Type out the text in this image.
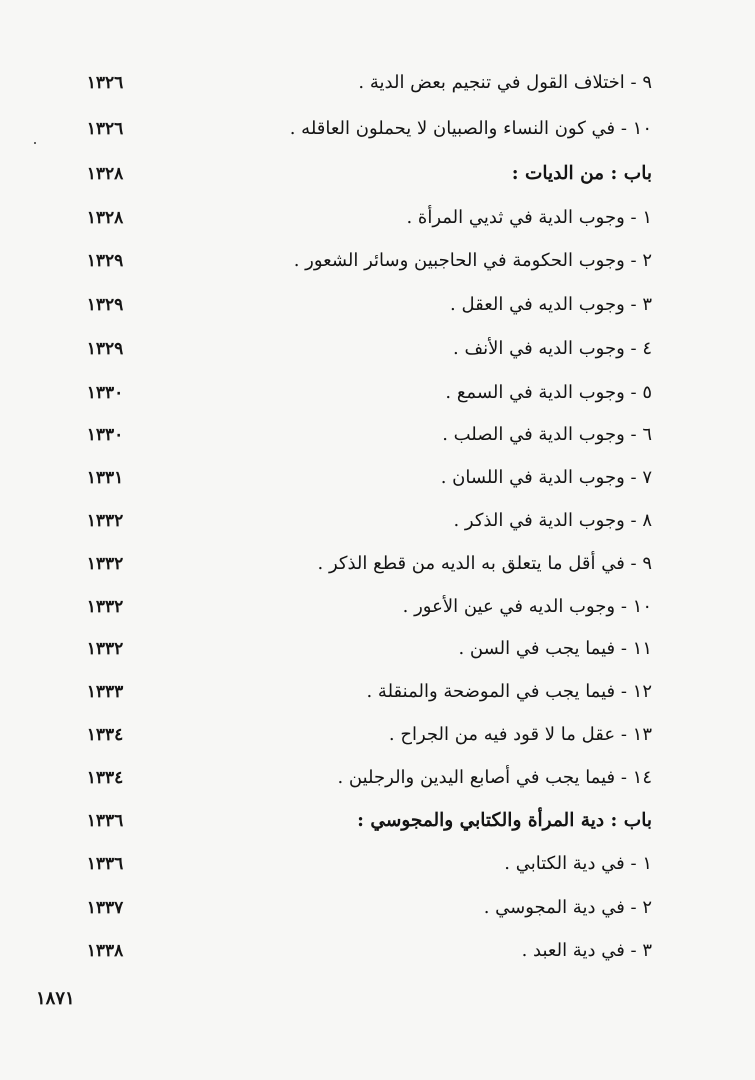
٩ - اختلاف القول في تنجيم بعض الدية .
١٣٢٦
١٠ - في كون النساء والصبيان لا يحملون العاقله .
١٣٢٦
باب : من الديات :
١٣٢٨
١ - وجوب الدية في ثديي المرأة .
١٣٢٨
٢ - وجوب الحكومة في الحاجبين وسائر الشعور .
١٣٢٩
٣ - وجوب الديه في العقل .
١٣٢٩
٤ - وجوب الديه في الأنف .
١٣٢٩
٥ - وجوب الدية في السمع .
١٣٣٠
٦ - وجوب الدية في الصلب .
١٣٣٠
٧ - وجوب الدية في اللسان .
١٣٣١
٨ - وجوب الدية في الذكر .
١٣٣٢
٩ - في أقل ما يتعلق به الديه من قطع الذكر .
١٣٣٢
١٠ - وجوب الديه في عين الأعور .
١٣٣٢
١١ - فيما يجب في السن .
١٣٣٢
١٢ - فيما يجب في الموضحة والمنقلة .
١٣٣٣
١٣ - عقل ما لا قود فيه من الجراح .
١٣٣٤
١٤ - فيما يجب في أصابع اليدين والرجلين .
١٣٣٤
باب : دية المرأة والكتابي والمجوسي :
١٣٣٦
١ - في دية الكتابي .
١٣٣٦
٢ - في دية المجوسي .
١٣٣٧
٣ - في دية العبد .
١٣٣٨
١٨٧١
